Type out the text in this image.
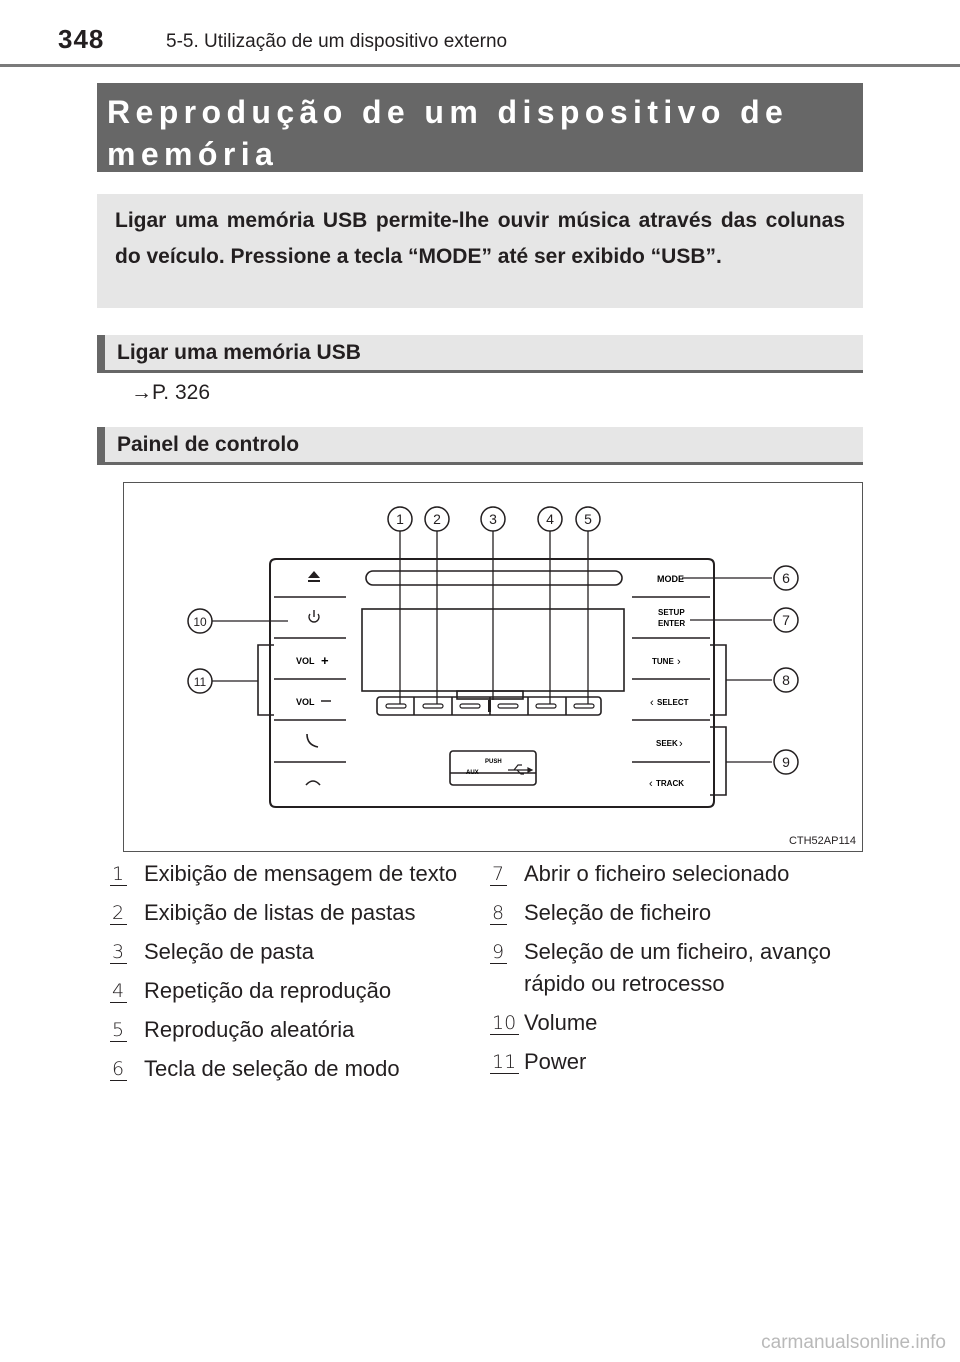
348	5-5. Utilização de um dispositivo externo
Reprodução de um dispositivo de memória
Ligar uma memória USB permite-lhe ouvir música através das colunas do veículo. Pressione a tecla “MODE” até ser exibido “USB”.
Ligar uma memória USB
→P. 326
Painel de controlo
VOL +
VOL
MODE
SETUP
ENTER
TUNE ›
‹ SELECT
SEEK ›
‹ TRACK
PUSH
AUX
1 2	3	4 5
6
7
8
9
10
11
CTH52AP114
1 Exibição de mensagem de texto
2 Exibição de listas de pastas
3 Seleção de pasta
4 Repetição da reprodução
5 Reprodução aleatória
6 Tecla de seleção de modo
7 Abrir o ficheiro selecionado
8 Seleção de ficheiro
9 Seleção de um ficheiro, avanço rápido ou retrocesso
10 Volume
11 Power
carmanualsonline.info
